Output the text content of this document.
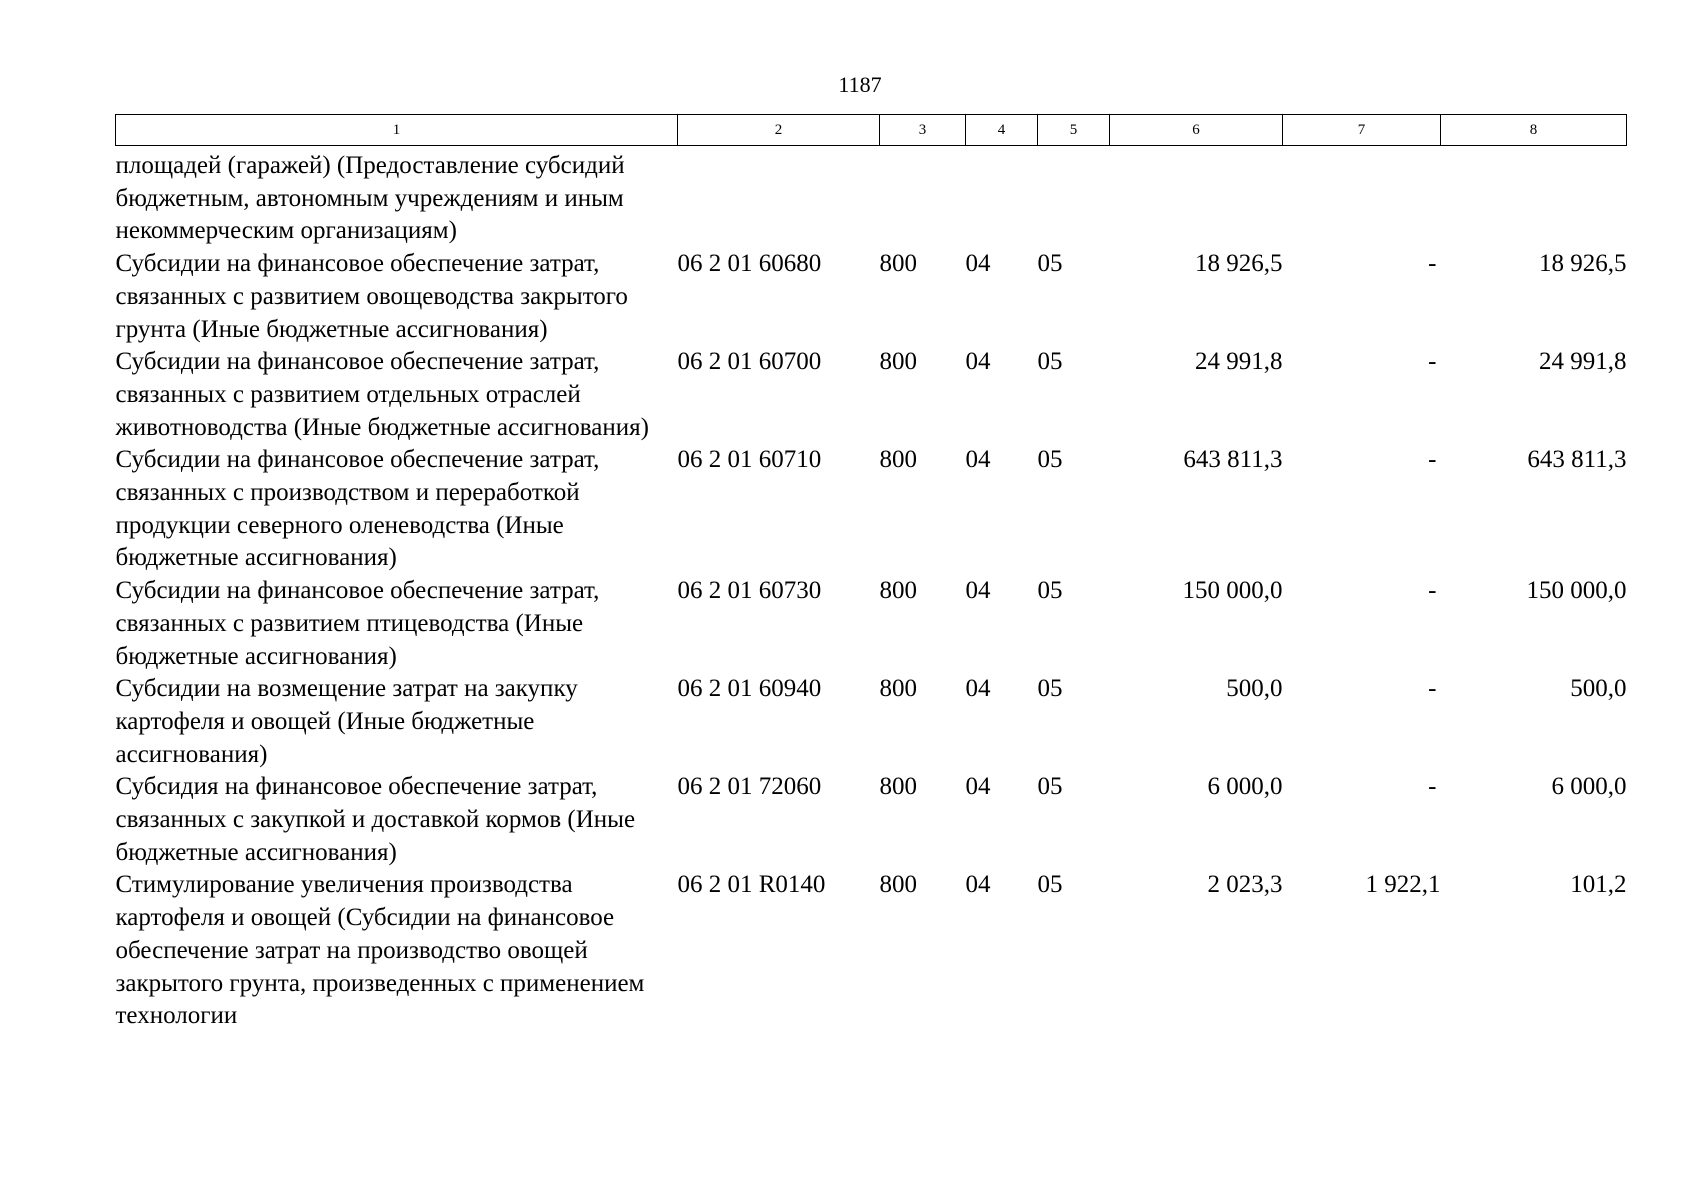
1187
1	2	3	4	5	6	7	8
площадей (гаражей) (Предоставление субсидий бюджетным, автономным учреждениям и иным некоммерческим организациям)							
Субсидии на финансовое обеспечение затрат, связанных с развитием овощеводства закрытого грунта (Иные бюджетные ассигнования)	06 2 01 60680	800	04	05	18 926,5	-	18 926,5
Субсидии на финансовое обеспечение затрат, связанных с развитием отдельных отраслей животноводства (Иные бюджетные ассигнования)	06 2 01 60700	800	04	05	24 991,8	-	24 991,8
Субсидии на финансовое обеспечение затрат, связанных с производством и переработкой продукции северного оленеводства (Иные бюджетные ассигнования)	06 2 01 60710	800	04	05	643 811,3	-	643 811,3
Субсидии на финансовое обеспечение затрат, связанных с развитием птицеводства (Иные бюджетные ассигнования)	06 2 01 60730	800	04	05	150 000,0	-	150 000,0
Субсидии на возмещение затрат на закупку картофеля и овощей (Иные бюджетные ассигнования)	06 2 01 60940	800	04	05	500,0	-	500,0
Субсидия на финансовое обеспечение затрат, связанных с закупкой и доставкой кормов (Иные бюджетные ассигнования)	06 2 01 72060	800	04	05	6 000,0	-	6 000,0
Стимулирование увеличения производства картофеля и овощей (Субсидии на финансовое обеспечение затрат на производство овощей закрытого грунта, произведенных с применением технологии	06 2 01 R0140	800	04	05	2 023,3	1 922,1	101,2
